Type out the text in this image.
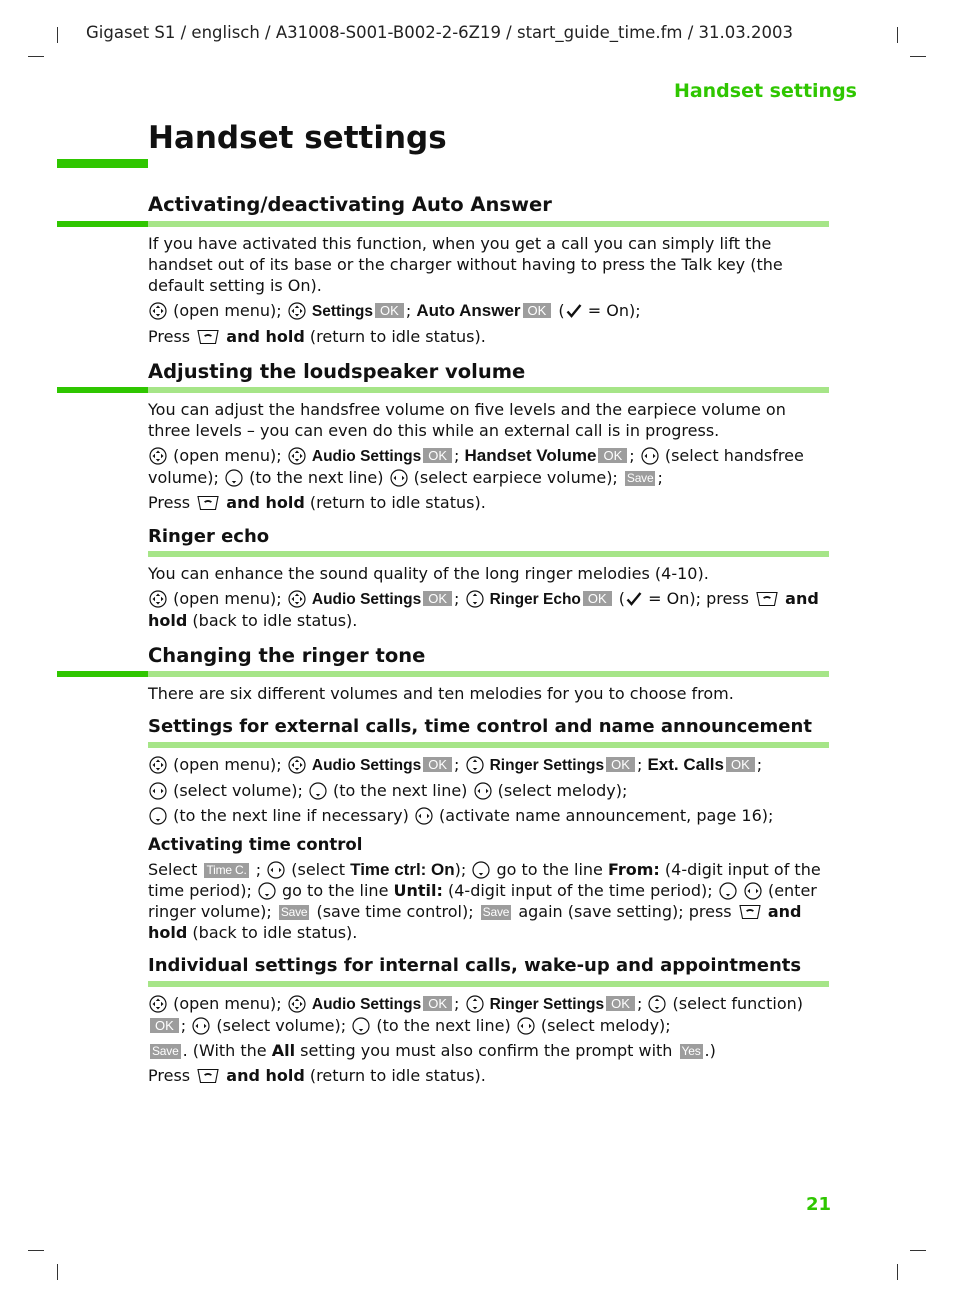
Gigaset S1 / englisch / A31008-S001-B002-2-6Z19 / start_guide_time.fm / 31.03.2003
Handset settings
Handset settings
Activating/deactivating Auto Answer

If you have activated this function, when you get a call you can simply lift the handset out of its base or the charger without having to press the Talk key (the default setting is On).

(open menu);  Settings OK ; Auto Answer OK ( = On);

Press  and hold (return to idle status).

Adjusting the loudspeaker volume

You can adjust the handsfree volume on five levels and the earpiece volume on three levels – you can even do this while an external call is in progress.

(open menu);  Audio Settings OK ; Handset Volume OK ;  (select handsfree volume);  (to the next line)  (select earpiece volume); Save ;

Press  and hold (return to idle status).

Ringer echo

You can enhance the sound quality of the long ringer melodies (4-10).

(open menu);  Audio Settings OK ;  Ringer Echo OK ( = On); press  and hold (back to idle status).

Changing the ringer tone

There are six different volumes and ten melodies for you to choose from.

Settings for external calls, time control and name announcement

(open menu);  Audio Settings OK ;  Ringer Settings OK ; Ext. Calls OK ;

(select volume);  (to the next line)  (select melody);

(to the next line if necessary)  (activate name announcement, page 16);

Activating time control

Select Time C. ;  (select Time ctrl: On);  go to the line From: (4-digit input of the time period);  go to the line Until: (4-digit input of the time period);	(enter ringer volume); Save (save time control); Save again (save setting); press  and hold (back to idle status).

Individual settings for internal calls, wake-up and appointments

(open menu);  Audio Settings OK ;  Ringer Settings OK ;  (select function) OK ;  (select volume);  (to the next line)  (select melody);

Save . (With the All setting you must also confirm the prompt with Yes .)

Press  and hold (return to idle status).

21
